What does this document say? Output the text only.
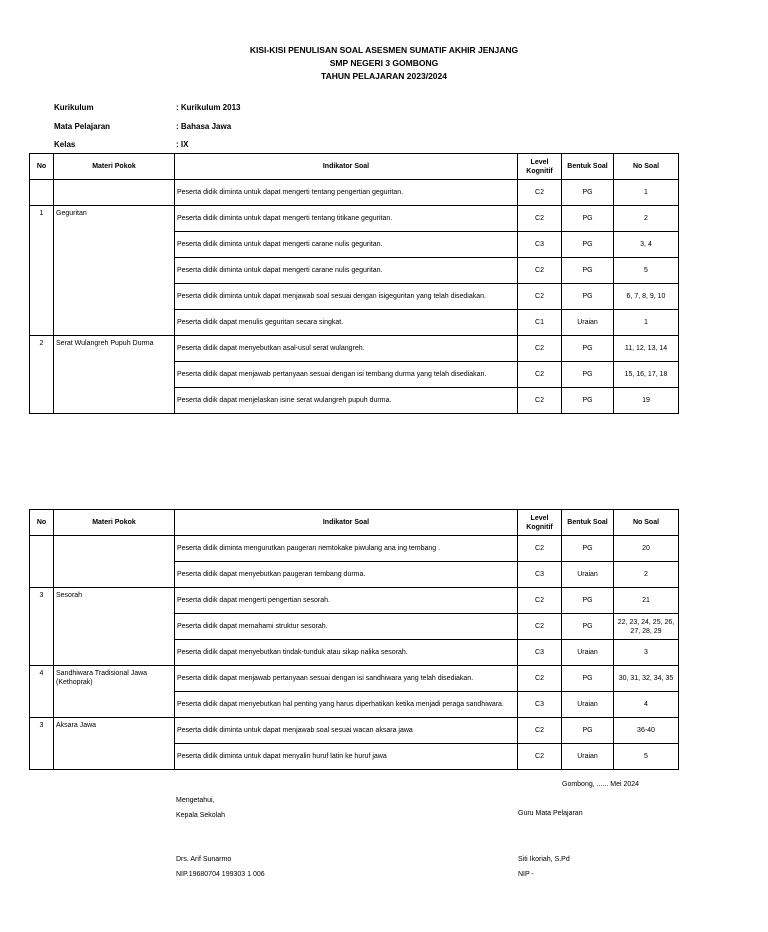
KISI-KISI PENULISAN SOAL ASESMEN SUMATIF AKHIR JENJANG
SMP NEGERI 3 GOMBONG
TAHUN PELAJARAN 2023/2024
Kurikulum	: Kurikulum 2013
Mata Pelajaran	: Bahasa Jawa
Kelas	: IX
No	Materi Pokok	Indikator Soal	Level
Kognitif	Bentuk Soal	No Soal
		Peserta didik diminta untuk dapat mengerti tentang pengertian geguritan.	C2	PG	1
1	Geguritan	Peserta didik diminta untuk dapat mengerti tentang titikane geguritan.	C2	PG	2
		Peserta didik diminta untuk dapat mengerti carane nulis geguritan.	C3	PG	3, 4
		Peserta didik diminta untuk dapat mengerti carane nulis geguritan.	C2	PG	5
		Peserta didik diminta untuk dapat menjawab soal sesuai dengan isigeguritan yang telah disediakan.	C2	PG	6, 7, 8, 9, 10
		Peserta didik dapat menulis geguritan secara singkat.	C1	Uraian	1
2	Serat Wulangreh Pupuh Durma	Peserta didik dapat menyebutkan asal-usul serat wulangreh.	C2	PG	11, 12, 13, 14
		Peserta didik dapat menjawab pertanyaan sesuai dengan isi tembang durma yang telah disediakan.	C2	PG	15, 16, 17, 18
		Peserta didik dapat menjelaskan isine serat wulangreh pupuh durma.	C2	PG	19
No	Materi Pokok	Indikator Soal	Level
Kognitif	Bentuk Soal	No Soal
		Peserta didik diminta mengurutkan paugeran nemtokake piwulang ana ing tembang .	C2	PG	20
		Peserta didik dapat menyebutkan paugeran tembang durma.	C3	Uraian	2
3	Sesorah	Peserta didik dapat mengerti pengertian sesorah.	C2	PG	21
		Peserta didik dapat memahami struktur sesorah.	C2	PG	22, 23, 24, 25, 26, 27, 28, 29
		Peserta didik dapat menyebutkan tindak-tunduk atau sikap nalika sesorah.	C3	Uraian	3
4	Sandhiwara Tradisional Jawa (Kethoprak)	Peserta didik dapat menjawab pertanyaan sesuai dengan isi sandhiwara yang telah disediakan.	C2	PG	30, 31, 32, 34, 35
		Peserta didik dapat menyebutkan hal penting yang harus diperhatikan ketika menjadi peraga sandhiwara.	C3	Uraian	4
3	Aksara Jawa	Peserta didik diminta untuk dapat menjawab soal sesuai wacan aksara jawa	C2	PG	36-40
		Peserta didik diminta untuk dapat menyalin huruf latin ke huruf jawa	C2	Uraian	5
Gombong, ...... Mei 2024
Mengetahui,
Kepala Sekolah	Guru Mata Pelajaran
Drs. Arif Sunarmo
NIP.19680704 199303 1 006
Siti Ikoriah, S.Pd
NIP -
